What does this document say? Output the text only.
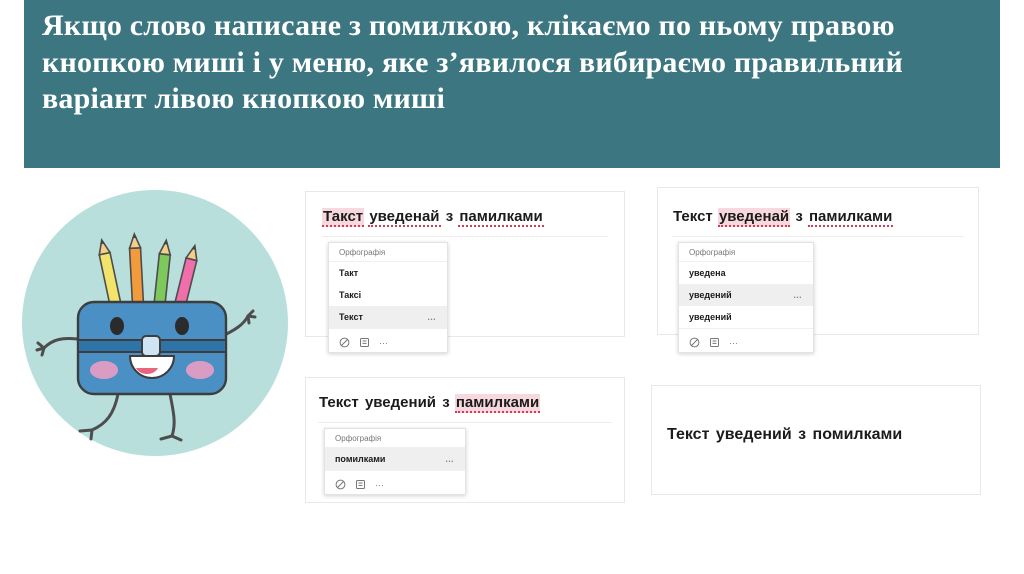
Якщо слово написане з помилкою, клікаємо по ньому правою кнопкою миші і у меню, яке з’явилося вибираємо правильний варіант лівою кнопкою миші

Такст уведенай з памилками
Орфографія
Такт
Таксі
Текст	…
…
Текст уведенай з памилками
Орфографія
уведена
уведений	…
уведений
…
Текст уведений з памилками
Орфографія
помилками	…
…
Текст уведений з помилками
